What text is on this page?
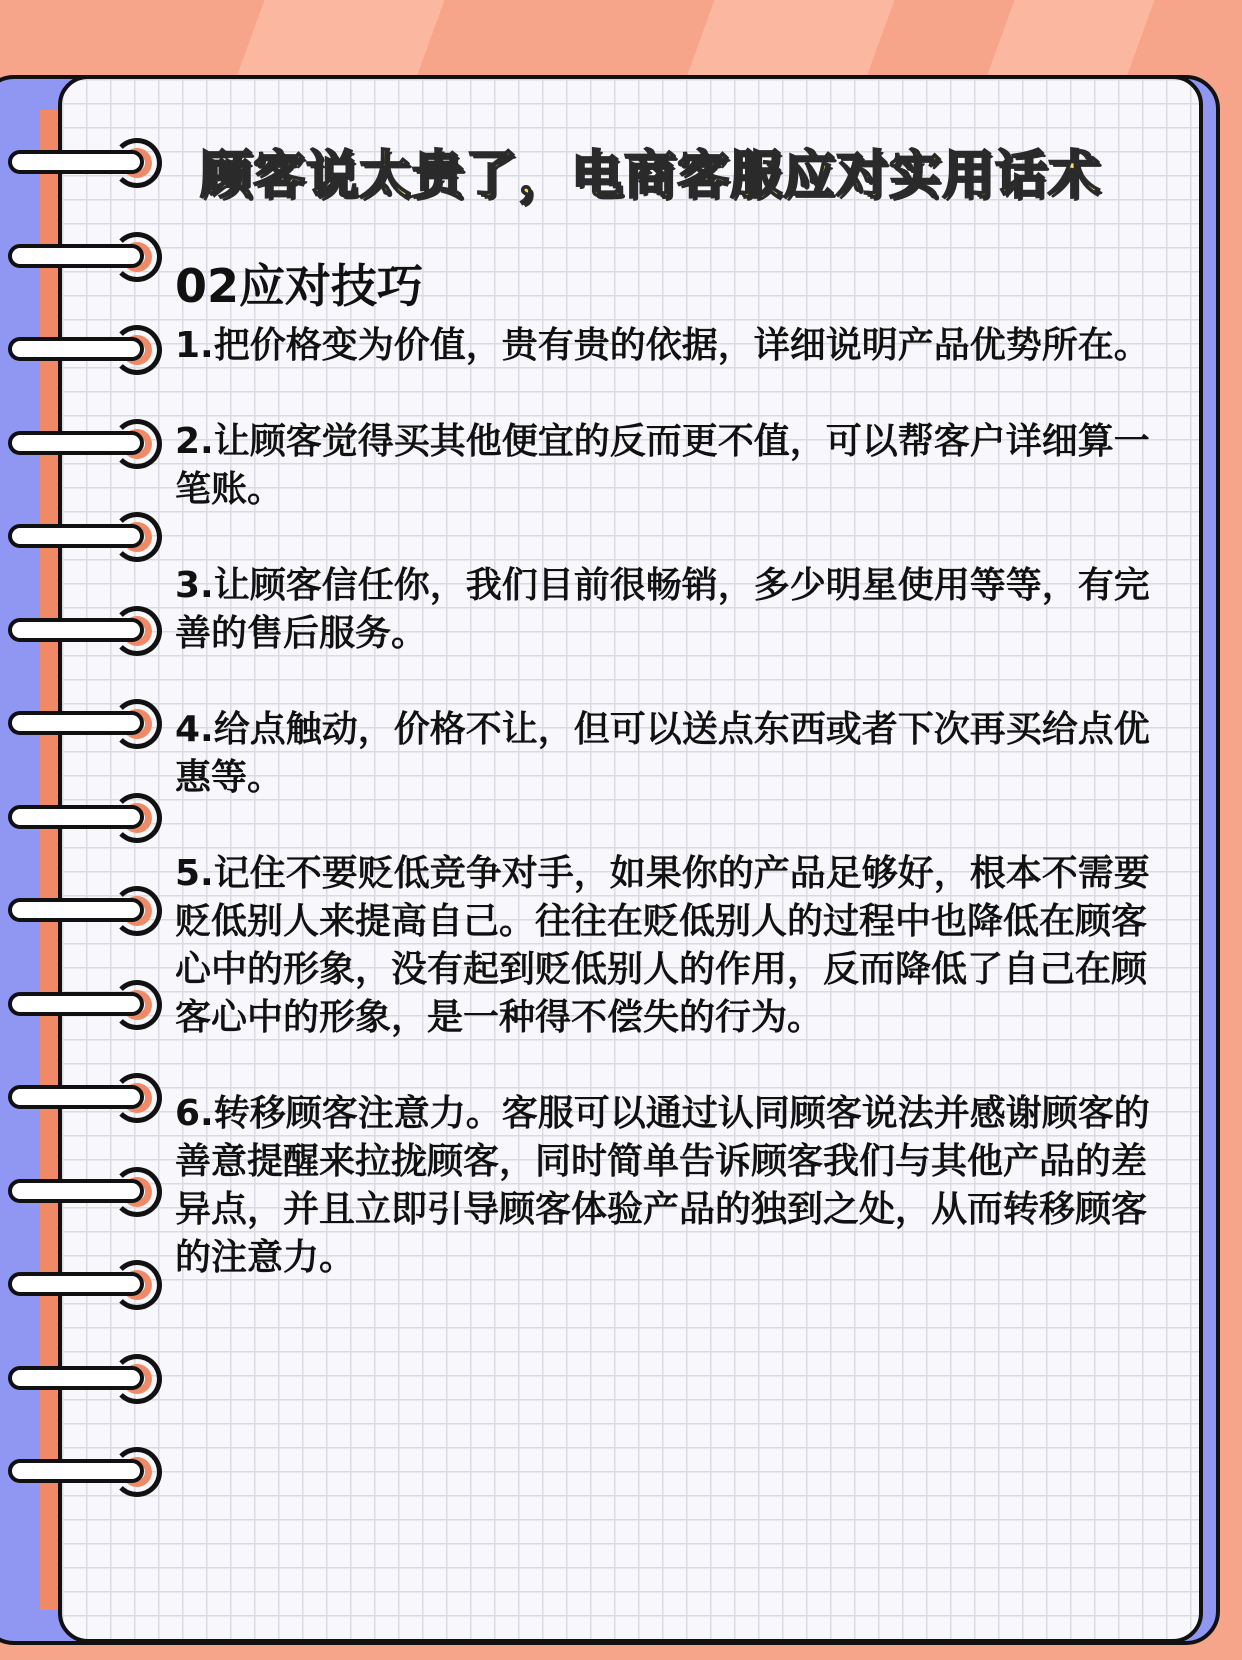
顾客说太贵了，电商客服应对实用话术
02应对技巧
1.把价格变为价值，贵有贵的依据，详细说明产品优势所在。
2.让顾客觉得买其他便宜的反而更不值，可以帮客户详细算一笔账。
3.让顾客信任你，我们目前很畅销，多少明星使用等等，有完善的售后服务。
4.给点触动，价格不让，但可以送点东西或者下次再买给点优惠等。
5.记住不要贬低竞争对手，如果你的产品足够好，根本不需要贬低别人来提高自己。往往在贬低别人的过程中也降低在顾客心中的形象，没有起到贬低别人的作用，反而降低了自己在顾客心中的形象，是一种得不偿失的行为。
6.转移顾客注意力。客服可以通过认同顾客说法并感谢顾客的善意提醒来拉拢顾客，同时简单告诉顾客我们与其他产品的差异点，并且立即引导顾客体验产品的独到之处，从而转移顾客的注意力。
